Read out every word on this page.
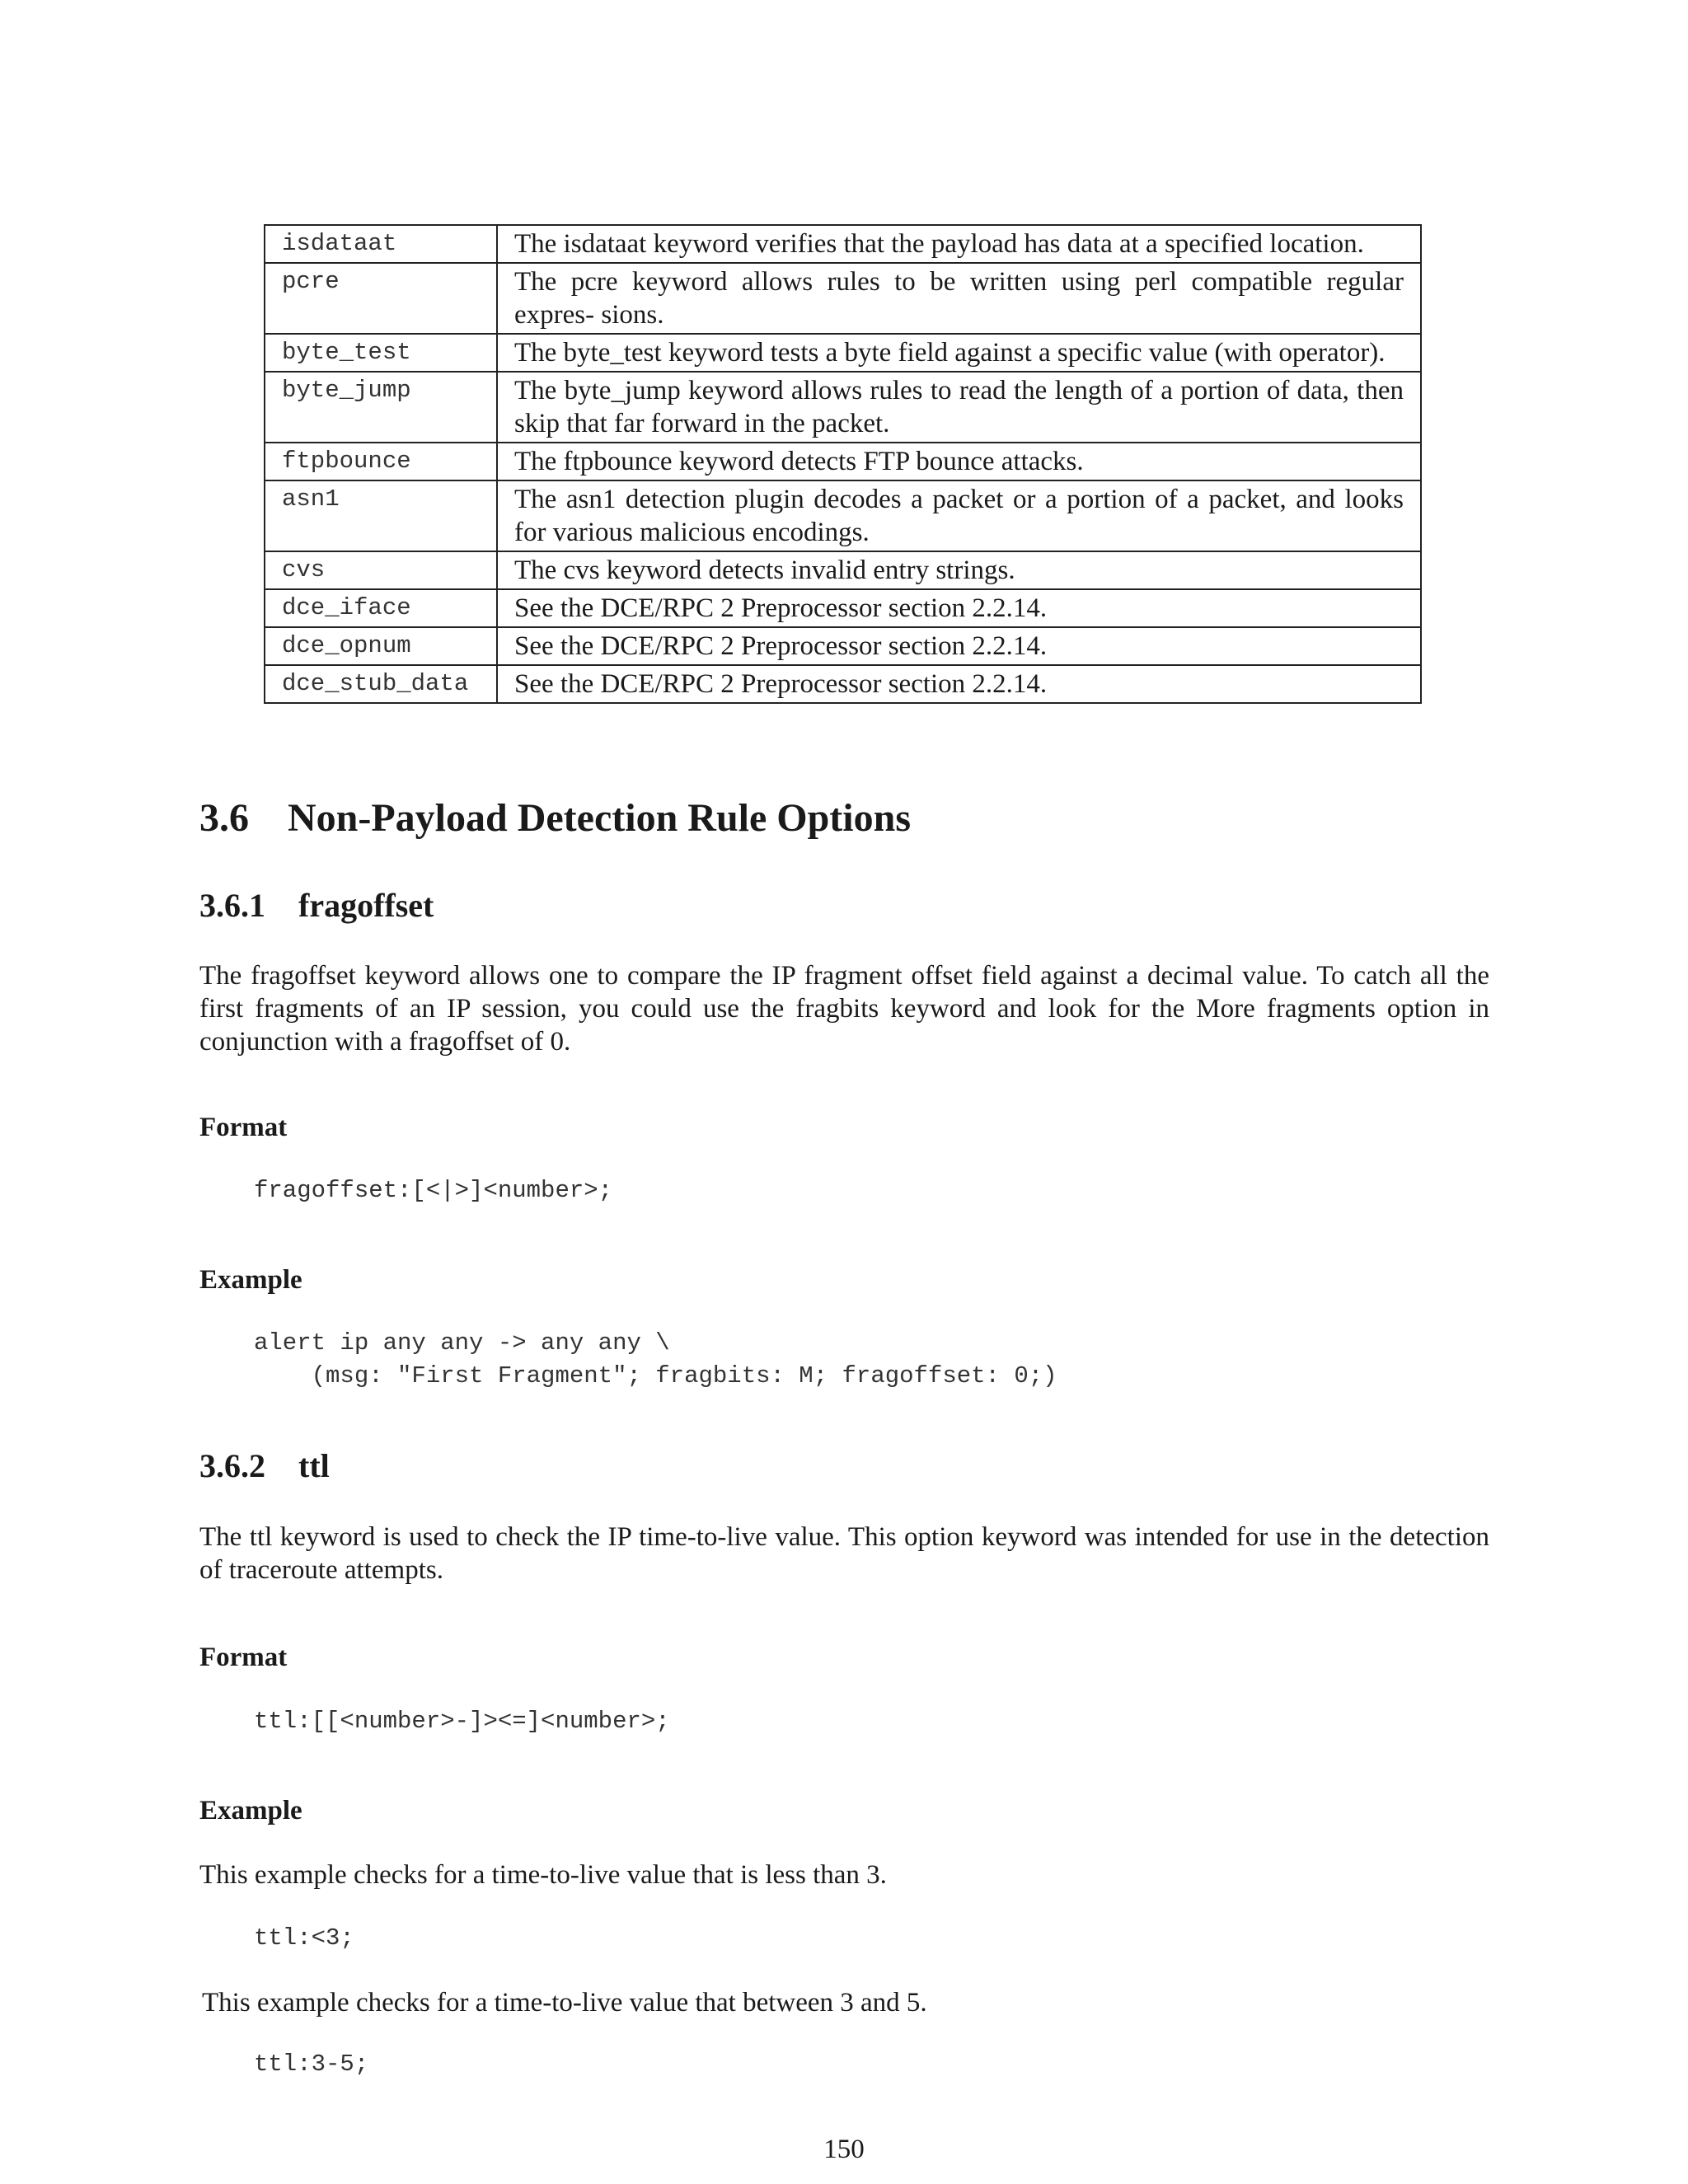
isdataat	The isdataat keyword verifies that the payload has data at a specified location.
pcre	The pcre keyword allows rules to be written using perl compatible regular expres- sions.
byte_test	The byte_test keyword tests a byte field against a specific value (with operator).
byte_jump	The byte_jump keyword allows rules to read the length of a portion of data, then skip that far forward in the packet.
ftpbounce	The ftpbounce keyword detects FTP bounce attacks.
asn1	The asn1 detection plugin decodes a packet or a portion of a packet, and looks for various malicious encodings.
cvs	The cvs keyword detects invalid entry strings.
dce_iface	See the DCE/RPC 2 Preprocessor section 2.2.14.
dce_opnum	See the DCE/RPC 2 Preprocessor section 2.2.14.
dce_stub_data	See the DCE/RPC 2 Preprocessor section 2.2.14.
3.6 Non-Payload Detection Rule Options
3.6.1 fragoffset

The fragoffset keyword allows one to compare the IP fragment offset field against a decimal value. To catch all the first fragments of an IP session, you could use the fragbits keyword and look for the More fragments option in conjunction with a fragoffset of 0.

Format
fragoffset:[<|>]<number>;
Example
alert ip any any -> any any \
(msg: "First Fragment"; fragbits: M; fragoffset: 0;)
3.6.2 ttl

The ttl keyword is used to check the IP time-to-live value. This option keyword was intended for use in the detection of traceroute attempts.

Format
ttl:[[<number>-]><=]<number>;
Example

This example checks for a time-to-live value that is less than 3.

ttl:<3;

This example checks for a time-to-live value that between 3 and 5.

ttl:3-5;
150
